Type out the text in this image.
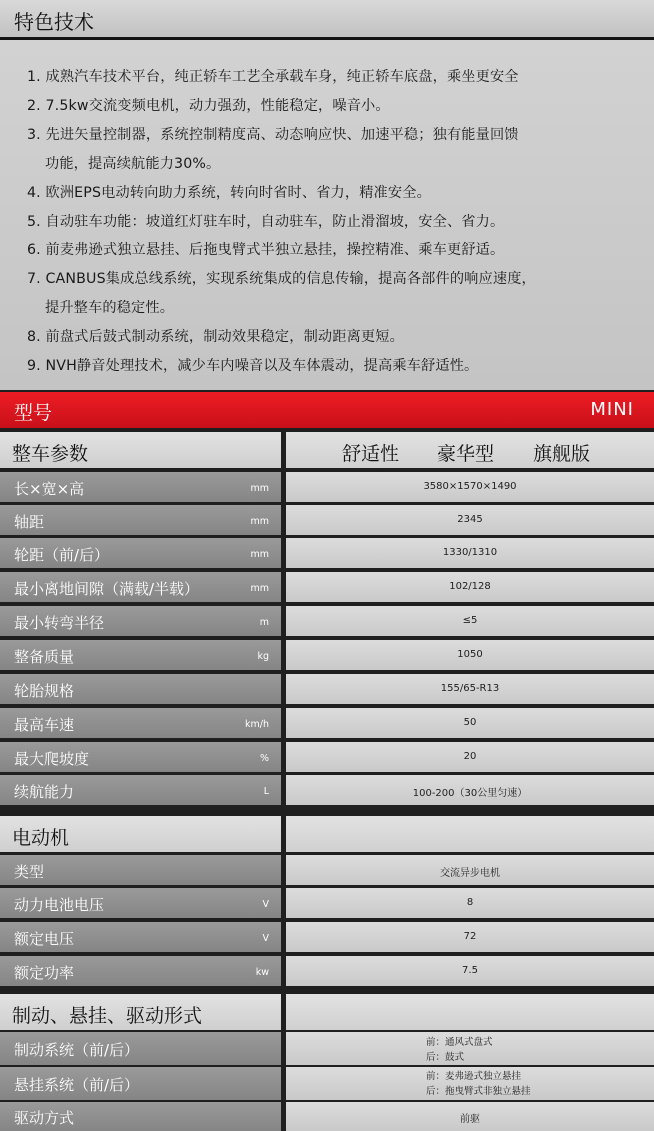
特色技术
1. 成熟汽车技术平台，纯正轿车工艺全承载车身，纯正轿车底盘，乘坐更安全
2. 7.5kw交流变频电机，动力强劲，性能稳定，噪音小。
3. 先进矢量控制器，系统控制精度高、动态响应快、加速平稳；独有能量回馈
功能，提高续航能力30%。
4. 欧洲EPS电动转向助力系统，转向时省时、省力，精准安全。
5. 自动驻车功能：坡道红灯驻车时，自动驻车，防止滑溜坡，安全、省力。
6. 前麦弗逊式独立悬挂、后拖曳臂式半独立悬挂，操控精准、乘车更舒适。
7. CANBUS集成总线系统，实现系统集成的信息传输，提高各部件的响应速度，
提升整车的稳定性。
8. 前盘式后鼓式制动系统，制动效果稳定，制动距离更短。
9. NVH静音处理技术，减少车内噪音以及车体震动，提高乘车舒适性。
型号	MINI
整车参数	舒适性 豪华型 旗舰版
长×宽×高	mm	3580×1570×1490
轴距	mm	2345
轮距（前/后）	mm	1330/1310
最小离地间隙（满载/半载）	mm	102/128
最小转弯半径	m	≤5
整备质量	kg	1050
轮胎规格	155/65-R13
最高车速	km/h	50
最大爬坡度	%	20
续航能力	L	100-200（30公里匀速）
电动机
类型	交流异步电机
动力电池电压	V	8
额定电压	V	72
额定功率	kw	7.5
制动、悬挂、驱动形式
制动系统（前/后）	前：通风式盘式
后：鼓式
悬挂系统（前/后）	前：麦弗逊式独立悬挂
后：拖曳臂式非独立悬挂
驱动方式	前驱
